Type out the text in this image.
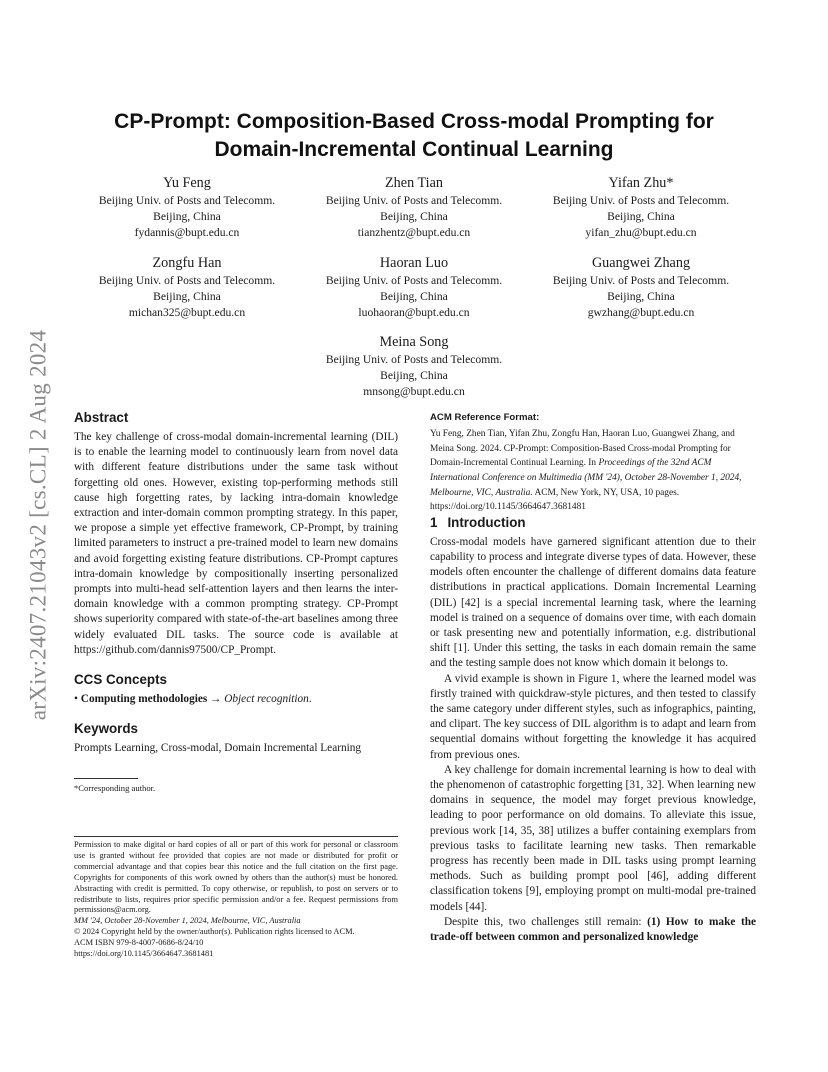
arXiv:2407.21043v2 [cs.CL] 2 Aug 2024
CP-Prompt: Composition-Based Cross-modal Prompting for
Domain-Incremental Continual Learning
Yu Feng
Beijing Univ. of Posts and Telecomm.
Beijing, China
fydannis@bupt.edu.cn
Zhen Tian
Beijing Univ. of Posts and Telecomm.
Beijing, China
tianzhentz@bupt.edu.cn
Yifan Zhu*
Beijing Univ. of Posts and Telecomm.
Beijing, China
yifan_zhu@bupt.edu.cn
Zongfu Han
Beijing Univ. of Posts and Telecomm.
Beijing, China
michan325@bupt.edu.cn
Haoran Luo
Beijing Univ. of Posts and Telecomm.
Beijing, China
luohaoran@bupt.edu.cn
Guangwei Zhang
Beijing Univ. of Posts and Telecomm.
Beijing, China
gwzhang@bupt.edu.cn
Meina Song
Beijing Univ. of Posts and Telecomm.
Beijing, China
mnsong@bupt.edu.cn
Abstract

The key challenge of cross-modal domain-incremental learning (DIL) is to enable the learning model to continuously learn from novel data with different feature distributions under the same task without forgetting old ones. However, existing top-performing methods still cause high forgetting rates, by lacking intra-domain knowledge extraction and inter-domain common prompting strategy. In this paper, we propose a simple yet effective framework, CP-Prompt, by training limited parameters to instruct a pre-trained model to learn new domains and avoid forgetting existing feature distributions. CP-Prompt captures intra-domain knowledge by compositionally inserting personalized prompts into multi-head self-attention layers and then learns the inter-domain knowledge with a common prompting strategy. CP-Prompt shows superiority compared with state-of-the-art baselines among three widely evaluated DIL tasks. The source code is available at https://github.com/dannis97500/CP_Prompt.

CCS Concepts

• Computing methodologies → Object recognition.

Keywords

Prompts Learning, Cross-modal, Domain Incremental Learning

*Corresponding author.
Permission to make digital or hard copies of all or part of this work for personal or classroom use is granted without fee provided that copies are not made or distributed for profit or commercial advantage and that copies bear this notice and the full citation on the first page. Copyrights for components of this work owned by others than the author(s) must be honored. Abstracting with credit is permitted. To copy otherwise, or republish, to post on servers or to redistribute to lists, requires prior specific permission and/or a fee. Request permissions from permissions@acm.org.
MM '24, October 28-November 1, 2024, Melbourne, VIC, Australia
© 2024 Copyright held by the owner/author(s). Publication rights licensed to ACM.
ACM ISBN 979-8-4007-0686-8/24/10
https://doi.org/10.1145/3664647.3681481
ACM Reference Format:

Yu Feng, Zhen Tian, Yifan Zhu, Zongfu Han, Haoran Luo, Guangwei Zhang, and Meina Song. 2024. CP-Prompt: Composition-Based Cross-modal Prompting for Domain-Incremental Continual Learning. In Proceedings of the 32nd ACM International Conference on Multimedia (MM '24), October 28-November 1, 2024, Melbourne, VIC, Australia. ACM, New York, NY, USA, 10 pages. https://doi.org/10.1145/3664647.3681481

1 Introduction

Cross-modal models have garnered significant attention due to their capability to process and integrate diverse types of data. However, these models often encounter the challenge of different domains data feature distributions in practical applications. Domain Incremental Learning (DIL) [42] is a special incremental learning task, where the learning model is trained on a sequence of domains over time, with each domain or task presenting new and potentially information, e.g. distributional shift [1]. Under this setting, the tasks in each domain remain the same and the testing sample does not know which domain it belongs to.

A vivid example is shown in Figure 1, where the learned model was firstly trained with quickdraw-style pictures, and then tested to classify the same category under different styles, such as infographics, painting, and clipart. The key success of DIL algorithm is to adapt and learn from sequential domains without forgetting the knowledge it has acquired from previous ones.

A key challenge for domain incremental learning is how to deal with the phenomenon of catastrophic forgetting [31, 32]. When learning new domains in sequence, the model may forget previous knowledge, leading to poor performance on old domains. To alleviate this issue, previous work [14, 35, 38] utilizes a buffer containing exemplars from previous tasks to facilitate learning new tasks. Then remarkable progress has recently been made in DIL tasks using prompt learning methods. Such as building prompt pool [46], adding different classification tokens [9], employing prompt on multi-modal pre-trained models [44].

Despite this, two challenges still remain: (1) How to make the trade-off between common and personalized knowledge
